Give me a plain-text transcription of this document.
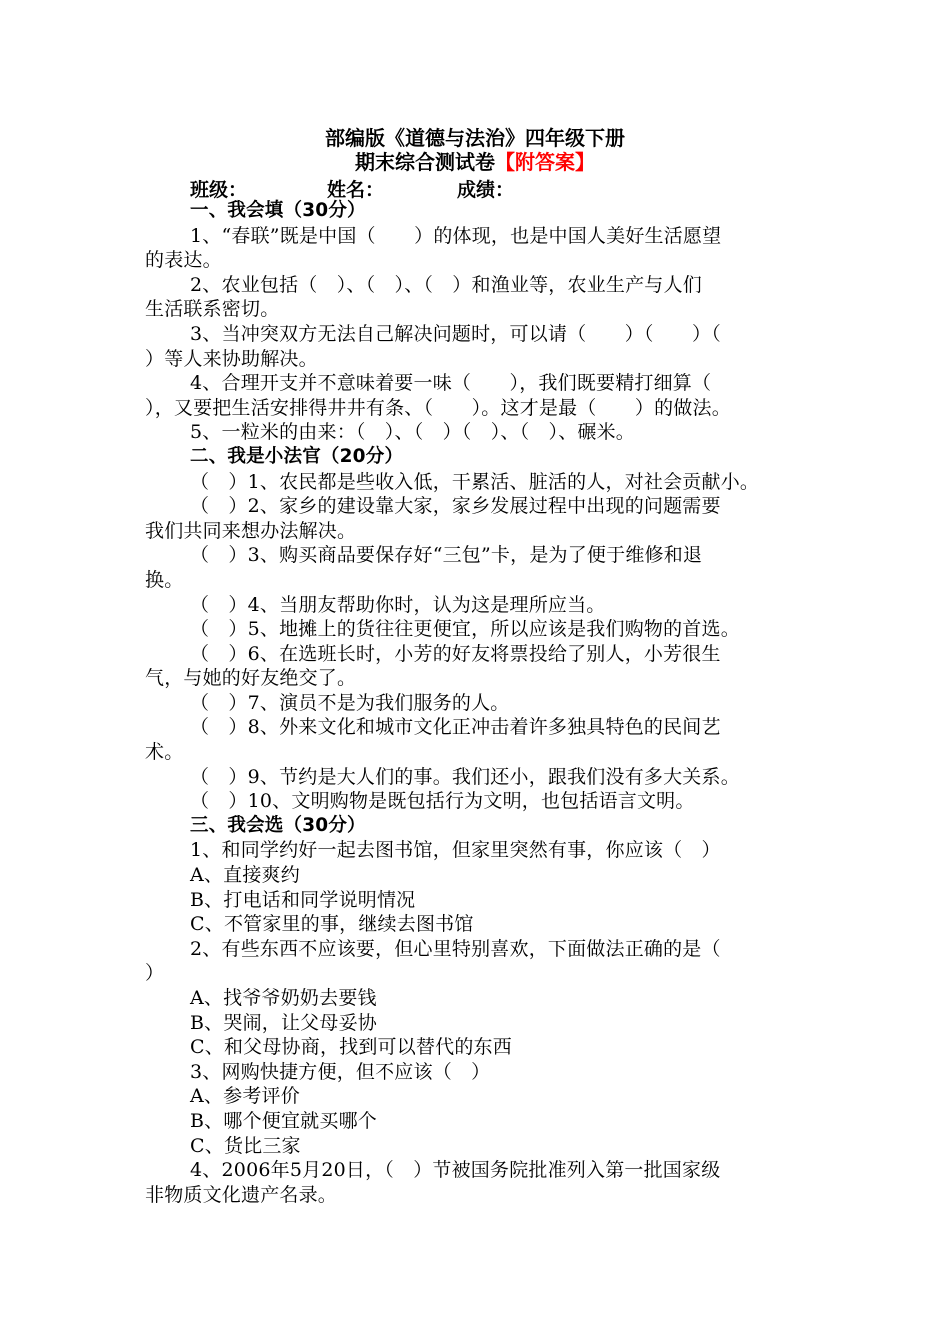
部编版《道德与法治》四年级下册
期末综合测试卷【附答案】
班级：	姓名：	成绩：

一、我会填（30分）

1、“春联”既是中国（　　）的体现，也是中国人美好生活愿望

的表达。

2、农业包括（　）、（　）、（　）和渔业等，农业生产与人们

生活联系密切。

3、当冲突双方无法自己解决问题时，可以请（　　）（　　）（

）等人来协助解决。

4、合理开支并不意味着要一味（　　），我们既要精打细算（

），又要把生活安排得井井有条、（　　）。这才是最（　　）的做法。

5、一粒米的由来：（　）、（　）（　）、（　）、碾米。

二、我是小法官（20分）

（　）1、农民都是些收入低，干累活、脏活的人，对社会贡献小。

（　）2、家乡的建设靠大家，家乡发展过程中出现的问题需要

我们共同来想办法解决。

（　）3、购买商品要保存好“三包”卡，是为了便于维修和退

换。

（　）4、当朋友帮助你时，认为这是理所应当。

（　）5、地摊上的货往往更便宜，所以应该是我们购物的首选。

（　）6、在选班长时，小芳的好友将票投给了别人，小芳很生

气，与她的好友绝交了。

（　）7、演员不是为我们服务的人。

（　）8、外来文化和城市文化正冲击着许多独具特色的民间艺

术。

（　）9、节约是大人们的事。我们还小，跟我们没有多大关系。

（　）10、文明购物是既包括行为文明，也包括语言文明。

三、我会选（30分）

1、和同学约好一起去图书馆，但家里突然有事，你应该（　）

A、直接爽约

B、打电话和同学说明情况

C、不管家里的事，继续去图书馆

2、有些东西不应该要，但心里特别喜欢，下面做法正确的是（

）

A、找爷爷奶奶去要钱

B、哭闹，让父母妥协

C、和父母协商，找到可以替代的东西

3、网购快捷方便，但不应该（　）

A、参考评价

B、哪个便宜就买哪个

C、货比三家

4、2006年5月20日，（　）节被国务院批准列入第一批国家级

非物质文化遗产名录。
